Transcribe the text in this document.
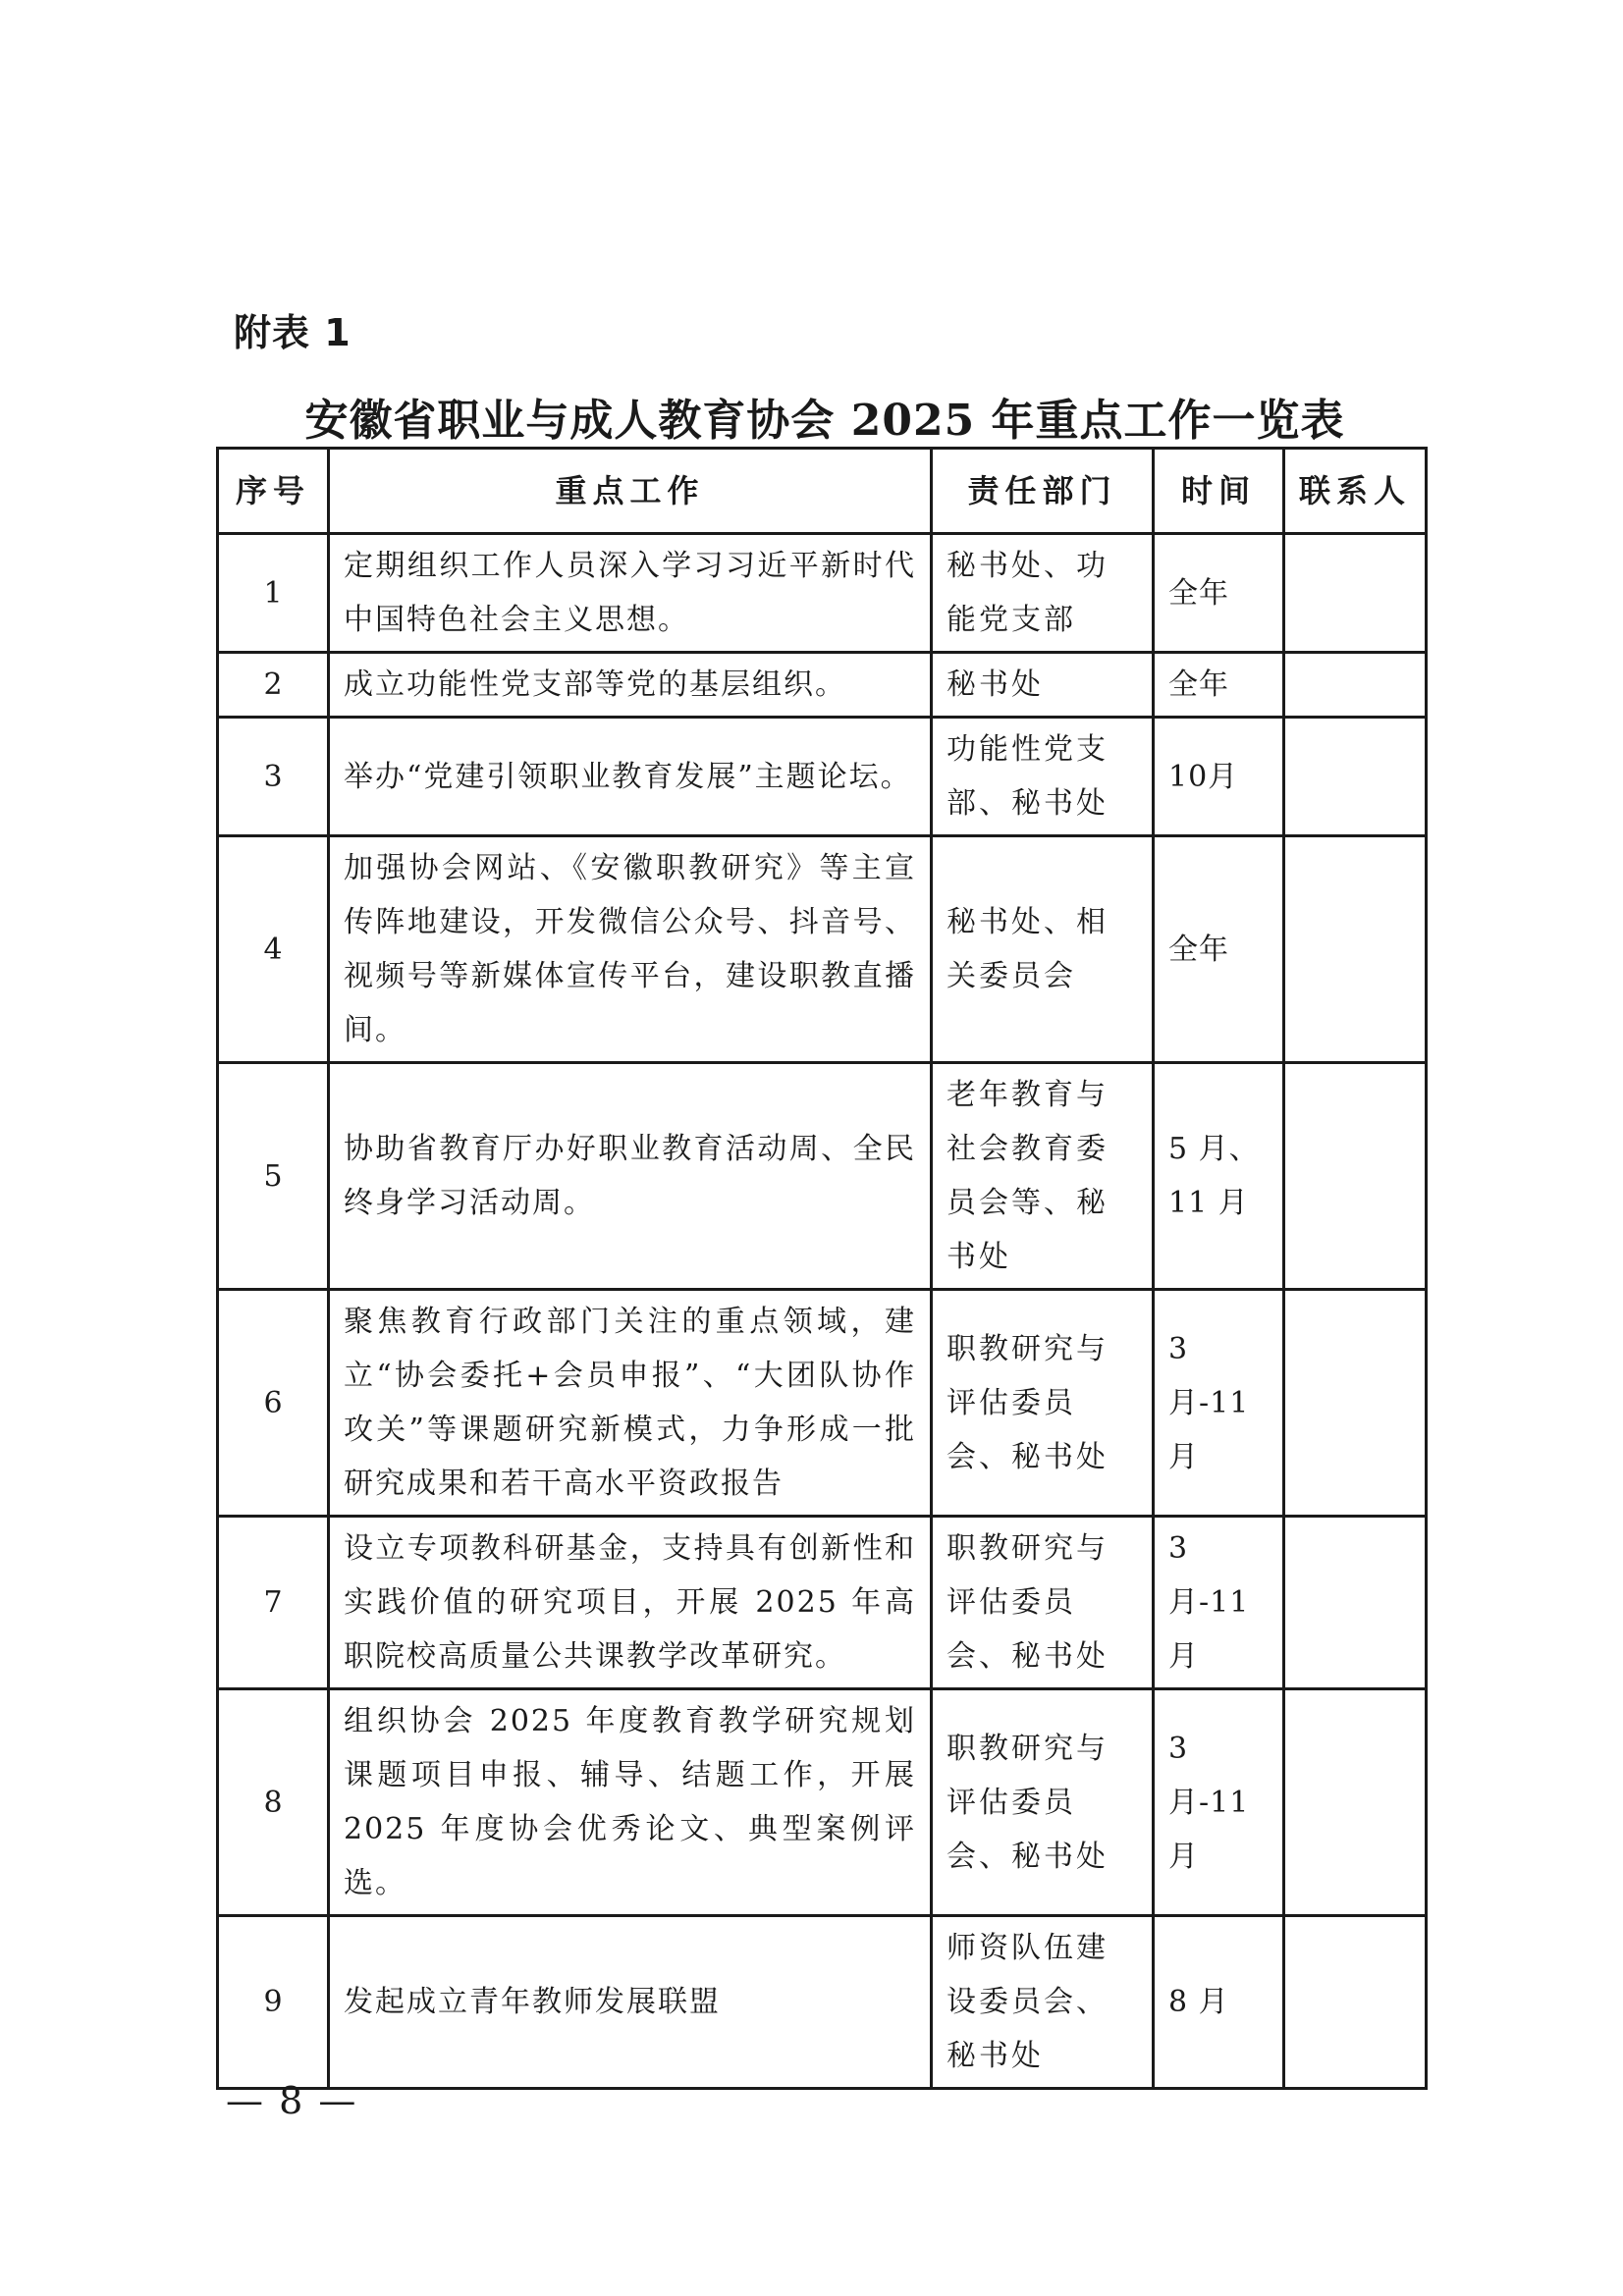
附表 1
安徽省职业与成人教育协会 2025 年重点工作一览表
序号	重点工作	责任部门	时间	联系人
1	定期组织工作人员深入学习习近平新时代中国特色社会主义思想。	秘书处、功能党支部	全年	
2	成立功能性党支部等党的基层组织。	秘书处	全年	
3	举办“党建引领职业教育发展”主题论坛。	功能性党支部、秘书处	10月	
4	加强协会网站、《安徽职教研究》等主宣传阵地建设，开发微信公众号、抖音号、视频号等新媒体宣传平台，建设职教直播间。	秘书处、相关委员会	全年	
5	协助省教育厅办好职业教育活动周、全民终身学习活动周。	老年教育与社会教育委员会等、秘书处	5 月、11 月	
6	聚焦教育行政部门关注的重点领域，建立“协会委托+会员申报”、“大团队协作攻关”等课题研究新模式，力争形成一批研究成果和若干高水平资政报告	职教研究与评估委员会、秘书处	3 月-11 月	
7	设立专项教科研基金，支持具有创新性和实践价值的研究项目，开展 2025 年高职院校高质量公共课教学改革研究。	职教研究与评估委员会、秘书处	3 月-11 月	
8	组织协会 2025 年度教育教学研究规划课题项目申报、辅导、结题工作，开展 2025 年度协会优秀论文、典型案例评选。	职教研究与评估委员会、秘书处	3 月-11 月	
9	发起成立青年教师发展联盟	师资队伍建设委员会、秘书处	8 月	
— 8 —
